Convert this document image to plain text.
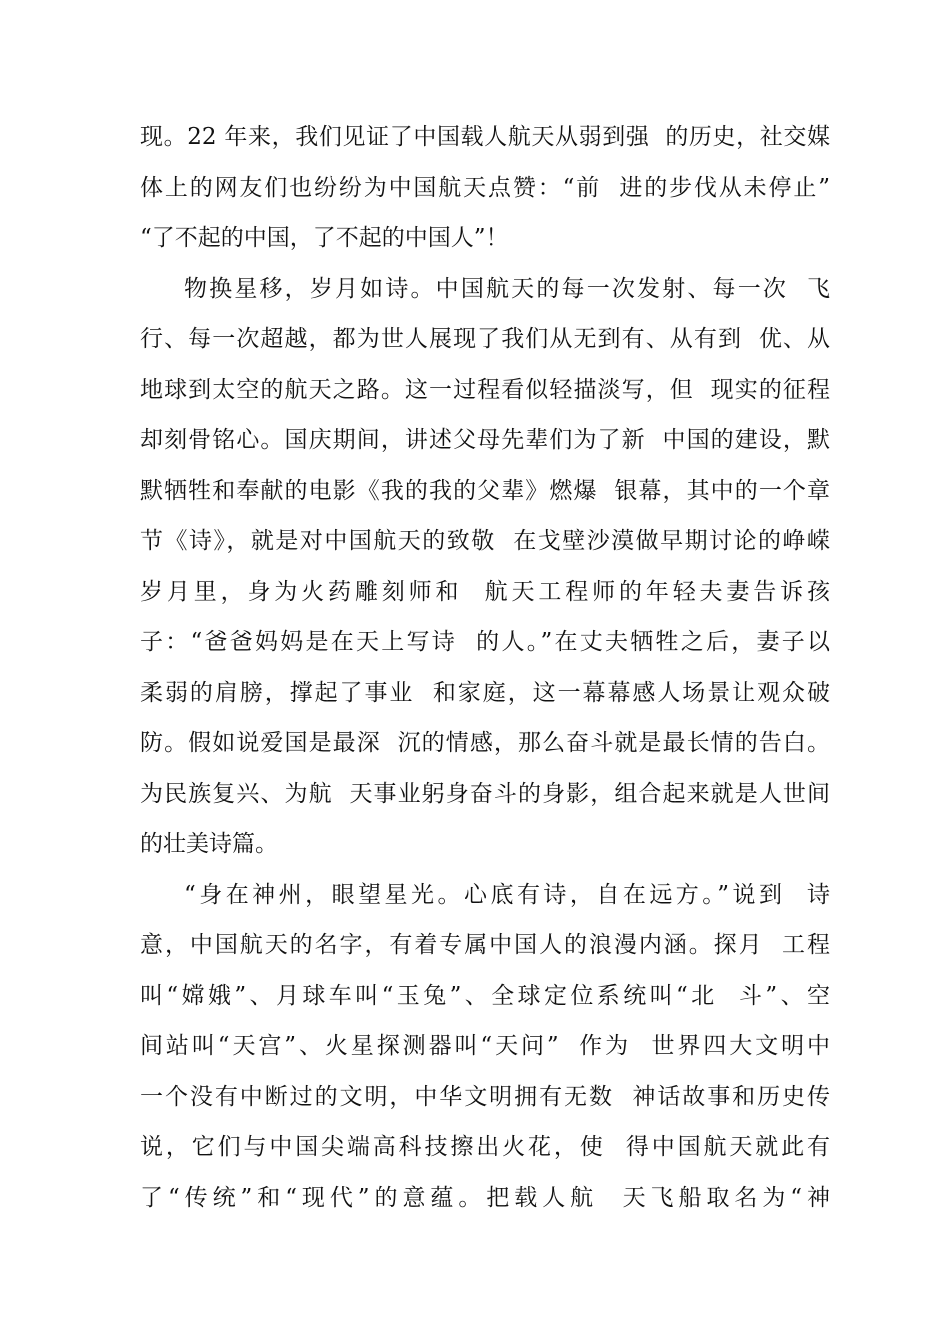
现。22 年来，我们见证了中国载人航天从弱到强  的历史，社交媒
体上的网友们也纷纷为中国航天点赞：“前  进的步伐从未停止”
“了不起的中国，了不起的中国人”！
物换星移，岁月如诗。中国航天的每一次发射、每一次  飞
行、每一次超越，都为世人展现了我们从无到有、从有到  优、从
地球到太空的航天之路。这一过程看似轻描淡写，但  现实的征程
却刻骨铭心。国庆期间，讲述父母先辈们为了新  中国的建设，默
默牺牲和奉献的电影《我的我的父辈》燃爆  银幕，其中的一个章
节《诗》，就是对中国航天的致敬  在戈壁沙漠做早期讨论的峥嵘
岁月里，身为火药雕刻师和  航天工程师的年轻夫妻告诉孩
子：“爸爸妈妈是在天上写诗  的人。”在丈夫牺牲之后，妻子以
柔弱的肩膀，撑起了事业  和家庭，这一幕幕感人场景让观众破
防。假如说爱国是最深  沉的情感，那么奋斗就是最长情的告白。
为民族复兴、为航  天事业躬身奋斗的身影，组合起来就是人世间
的壮美诗篇。
“身在神州，眼望星光。心底有诗，自在远方。”说到  诗
意，中国航天的名字，有着专属中国人的浪漫内涵。探月  工程
叫“嫦娥”、月球车叫“玉兔”、全球定位系统叫“北  斗”、空
间站叫“天宫”、火星探测器叫“天问”  作为  世界四大文明中
一个没有中断过的文明，中华文明拥有无数  神话故事和历史传
说，它们与中国尖端高科技擦出火花，使  得中国航天就此有
了“传统”和“现代”的意蕴。把载人航  天飞船取名为“神
